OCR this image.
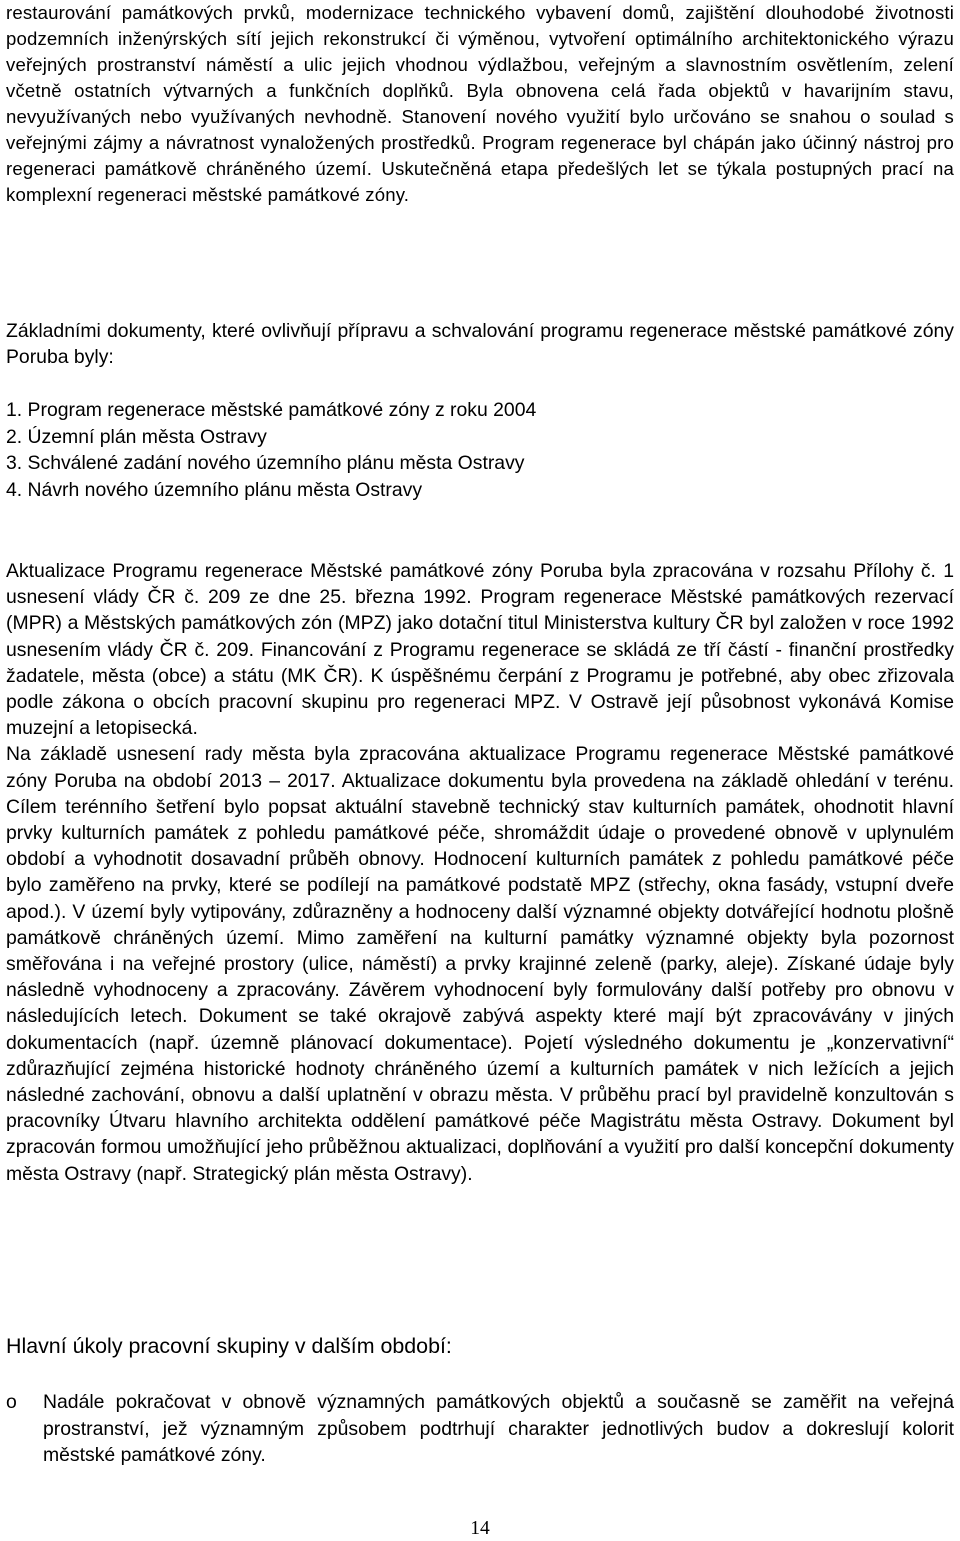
restaurování památkových prvků, modernizace technického vybavení domů, zajištění dlouhodobé životnosti podzemních inženýrských sítí jejich rekonstrukcí či výměnou, vytvoření optimálního architektonického výrazu veřejných prostranství náměstí a ulic jejich vhodnou výdlažbou, veřejným a slavnostním osvětlením, zelení včetně ostatních výtvarných a funkčních doplňků. Byla obnovena celá řada objektů v havarijním stavu, nevyužívaných nebo využívaných nevhodně. Stanovení nového využití bylo určováno se snahou o soulad s veřejnými zájmy a návratnost vynaložených prostředků. Program regenerace byl chápán jako účinný nástroj pro regeneraci památkově chráněného území. Uskutečněná etapa předešlých let se týkala postupných prací na komplexní regeneraci městské památkové zóny.

Základními dokumenty, které ovlivňují přípravu a schvalování programu regenerace městské památkové zóny Poruba byly:

1. Program regenerace městské památkové zóny z roku 2004
2. Územní plán města Ostravy
3. Schválené zadání nového územního plánu města Ostravy
4. Návrh nového územního plánu města Ostravy

Aktualizace Programu regenerace Městské památkové zóny Poruba byla zpracována v rozsahu Přílohy č. 1 usnesení vlády ČR č. 209 ze dne 25. března 1992. Program regenerace Městské památkových rezervací (MPR) a Městských památkových zón (MPZ) jako dotační titul Ministerstva kultury ČR byl založen v roce 1992 usnesením vlády ČR č. 209. Financování z Programu regenerace se skládá ze tří částí - finanční prostředky žadatele, města (obce) a státu (MK ČR). K úspěšnému čerpání z Programu je potřebné, aby obec zřizovala podle zákona o obcích pracovní skupinu pro regeneraci MPZ. V Ostravě její působnost vykonává Komise muzejní a letopisecká.

Na základě usnesení rady města byla zpracována aktualizace Programu regenerace Městské památkové zóny Poruba na období 2013 – 2017. Aktualizace dokumentu byla provedena na základě ohledání v terénu. Cílem terénního šetření bylo popsat aktuální stavebně technický stav kulturních památek, ohodnotit hlavní prvky kulturních památek z pohledu památkové péče, shromáždit údaje o provedené obnově v uplynulém období a vyhodnotit dosavadní průběh obnovy. Hodnocení kulturních památek z pohledu památkové péče bylo zaměřeno na prvky, které se podílejí na památkové podstatě MPZ (střechy, okna fasády, vstupní dveře apod.). V území byly vytipovány, zdůrazněny a hodnoceny další významné objekty dotvářející hodnotu plošně památkově chráněných území. Mimo zaměření na kulturní památky významné objekty byla pozornost směřována i na veřejné prostory (ulice, náměstí) a prvky krajinné zeleně (parky, aleje). Získané údaje byly následně vyhodnoceny a zpracovány. Závěrem vyhodnocení byly formulovány další potřeby pro obnovu v následujících letech. Dokument se také okrajově zabývá aspekty které mají být zpracovávány v jiných dokumentacích (např. územně plánovací dokumentace). Pojetí výsledného dokumentu je „konzervativní“ zdůrazňující zejména historické hodnoty chráněného území a kulturních památek v nich ležících a jejich následné zachování, obnovu a další uplatnění v obrazu města. V průběhu prací byl pravidelně konzultován s pracovníky Útvaru hlavního architekta oddělení památkové péče Magistrátu města Ostravy. Dokument byl zpracován formou umožňující jeho průběžnou aktualizaci, doplňování a využití pro další koncepční dokumenty města Ostravy (např. Strategický plán města Ostravy).

Hlavní úkoly pracovní skupiny v dalším období:
o Nadále pokračovat v obnově významných památkových objektů a současně se zaměřit na veřejná prostranství, jež významným způsobem podtrhují charakter jednotlivých budov a dokreslují kolorit městské památkové zóny.

14
